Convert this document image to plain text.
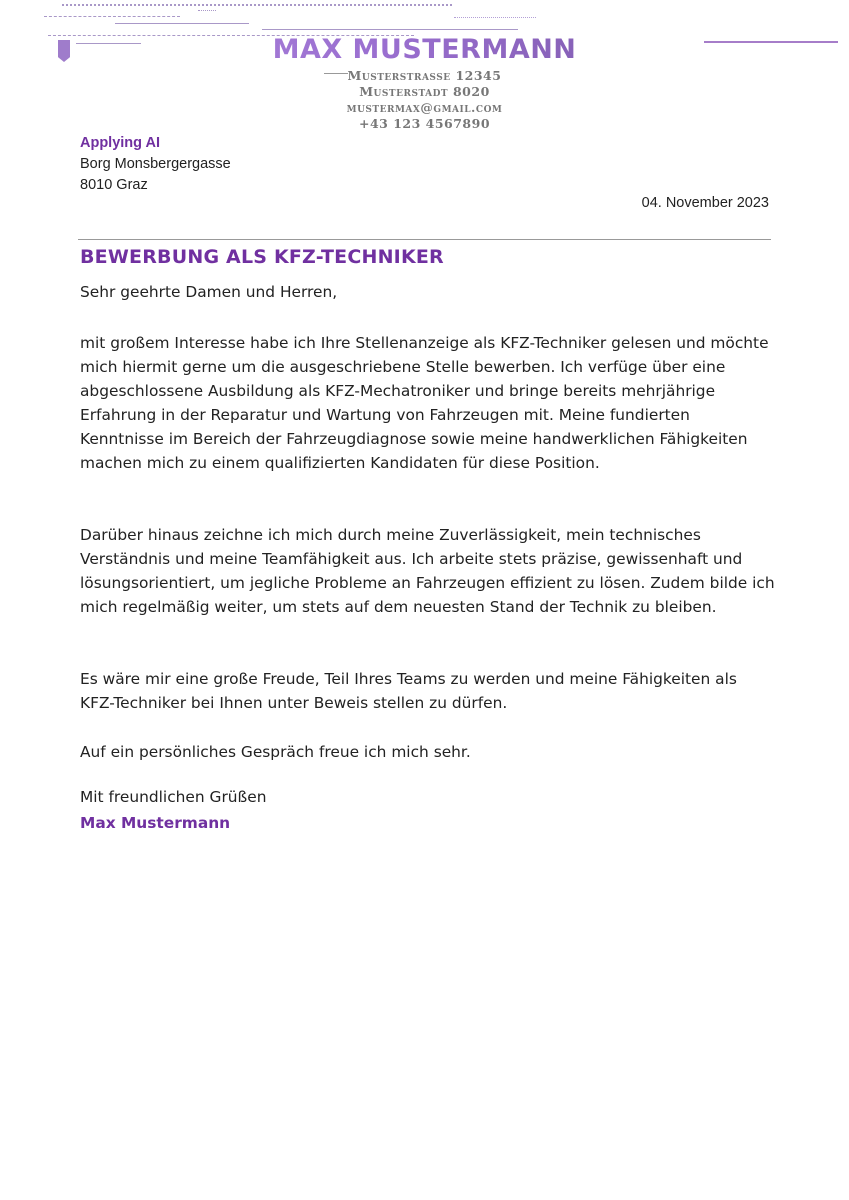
MAX MUSTERMANN
Musterstrasse 12345
Musterstadt 8020
mustermax@gmail.com
+43 123 4567890
Applying AI
Borg Monsbergergasse
8010 Graz
04. November 2023
BEWERBUNG ALS KFZ-TECHNIKER
Sehr geehrte Damen und Herren,
mit großem Interesse habe ich Ihre Stellenanzeige als KFZ-Techniker gelesen und möchte mich hiermit gerne um die ausgeschriebene Stelle bewerben. Ich verfüge über eine abgeschlossene Ausbildung als KFZ-Mechatroniker und bringe bereits mehrjährige Erfahrung in der Reparatur und Wartung von Fahrzeugen mit. Meine fundierten Kenntnisse im Bereich der Fahrzeugdiagnose sowie meine handwerklichen Fähigkeiten machen mich zu einem qualifizierten Kandidaten für diese Position.
Darüber hinaus zeichne ich mich durch meine Zuverlässigkeit, mein technisches Verständnis und meine Teamfähigkeit aus. Ich arbeite stets präzise, gewissenhaft und lösungsorientiert, um jegliche Probleme an Fahrzeugen effizient zu lösen. Zudem bilde ich mich regelmäßig weiter, um stets auf dem neuesten Stand der Technik zu bleiben.
Es wäre mir eine große Freude, Teil Ihres Teams zu werden und meine Fähigkeiten als KFZ-Techniker bei Ihnen unter Beweis stellen zu dürfen.
Auf ein persönliches Gespräch freue ich mich sehr.
Mit freundlichen Grüßen
Max Mustermann
